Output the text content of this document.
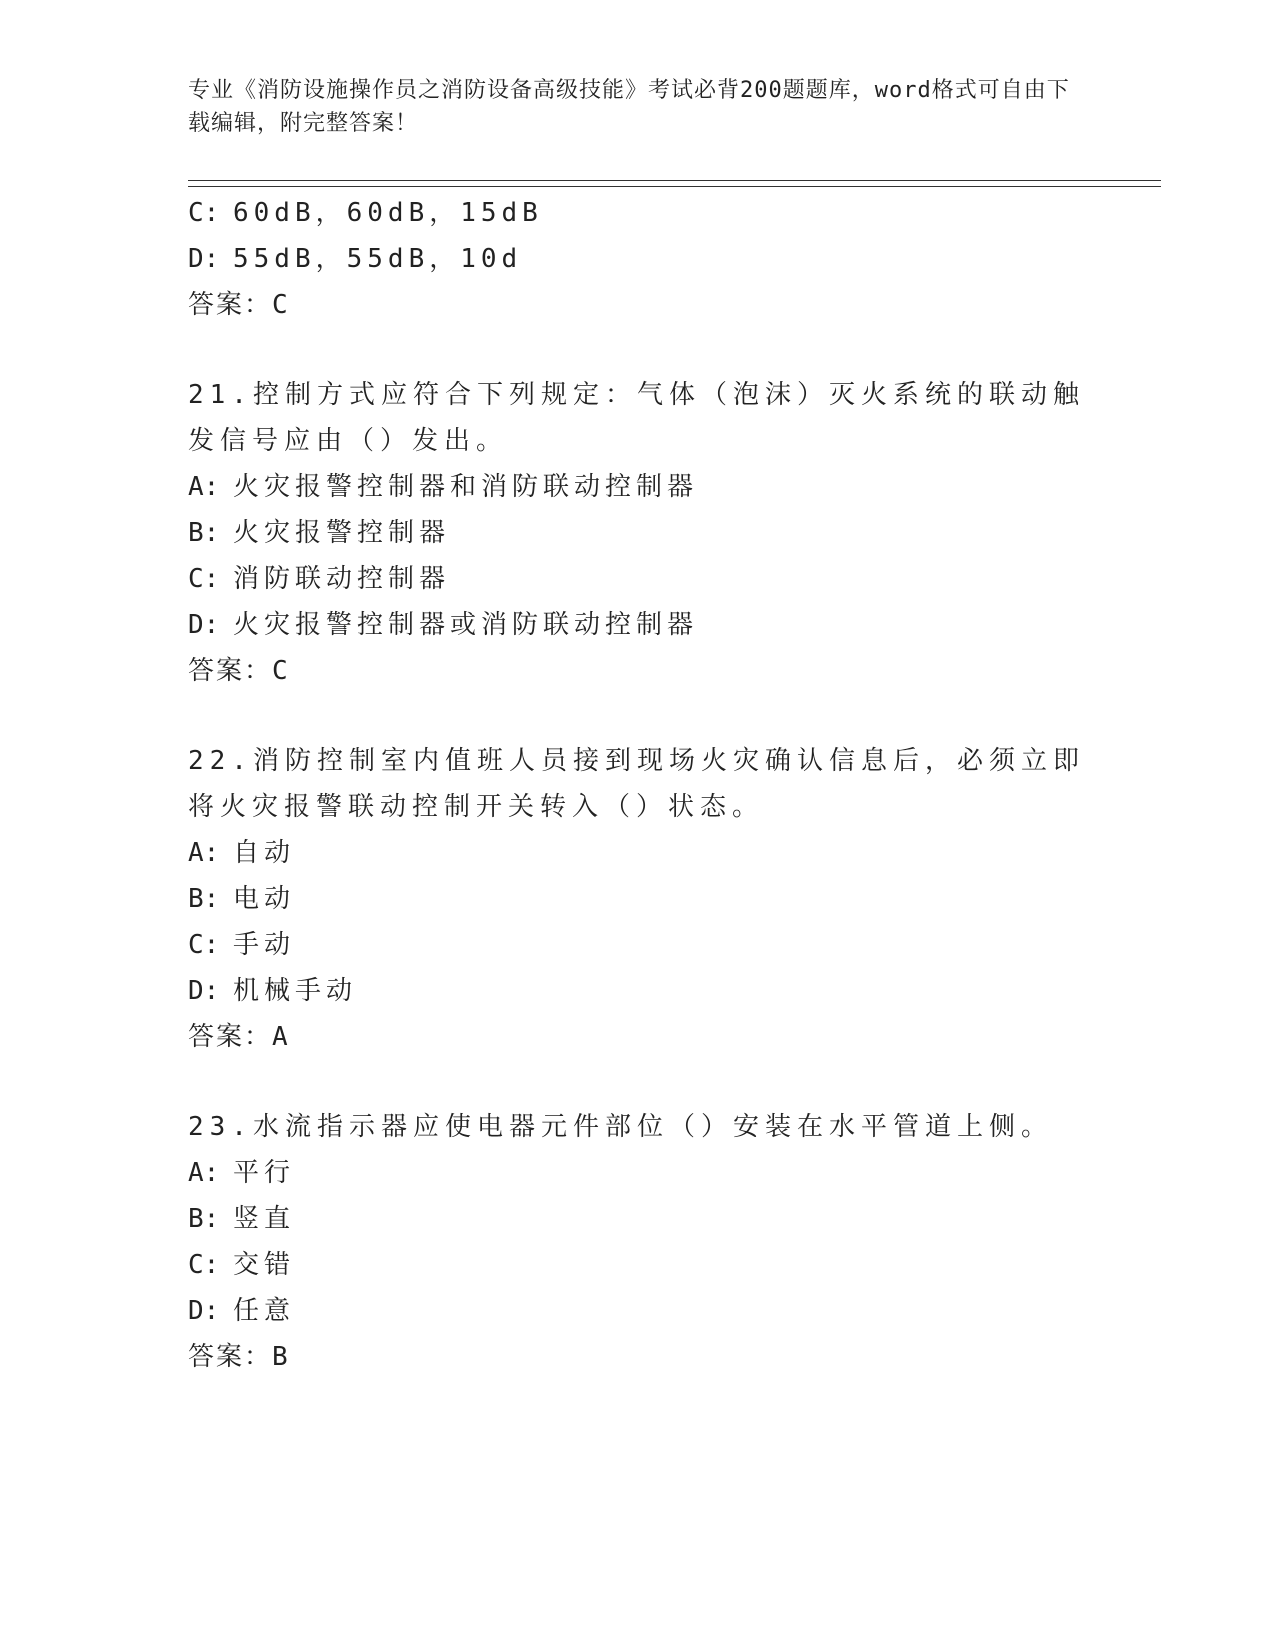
专业《消防设施操作员之消防设备高级技能》考试必背200题题库，word格式可自由下载编辑，附完整答案！
C: 60dB，60dB，15dB
D: 55dB，55dB，10d
答案：C
21.控制方式应符合下列规定：气体（泡沫）灭火系统的联动触发信号应由（）发出。
A: 火灾报警控制器和消防联动控制器
B: 火灾报警控制器
C: 消防联动控制器
D: 火灾报警控制器或消防联动控制器
答案：C
22.消防控制室内值班人员接到现场火灾确认信息后，必须立即将火灾报警联动控制开关转入（）状态。
A: 自动
B: 电动
C: 手动
D: 机械手动
答案：A
23.水流指示器应使电器元件部位（）安装在水平管道上侧。
A: 平行
B: 竖直
C: 交错
D: 任意
答案：B
